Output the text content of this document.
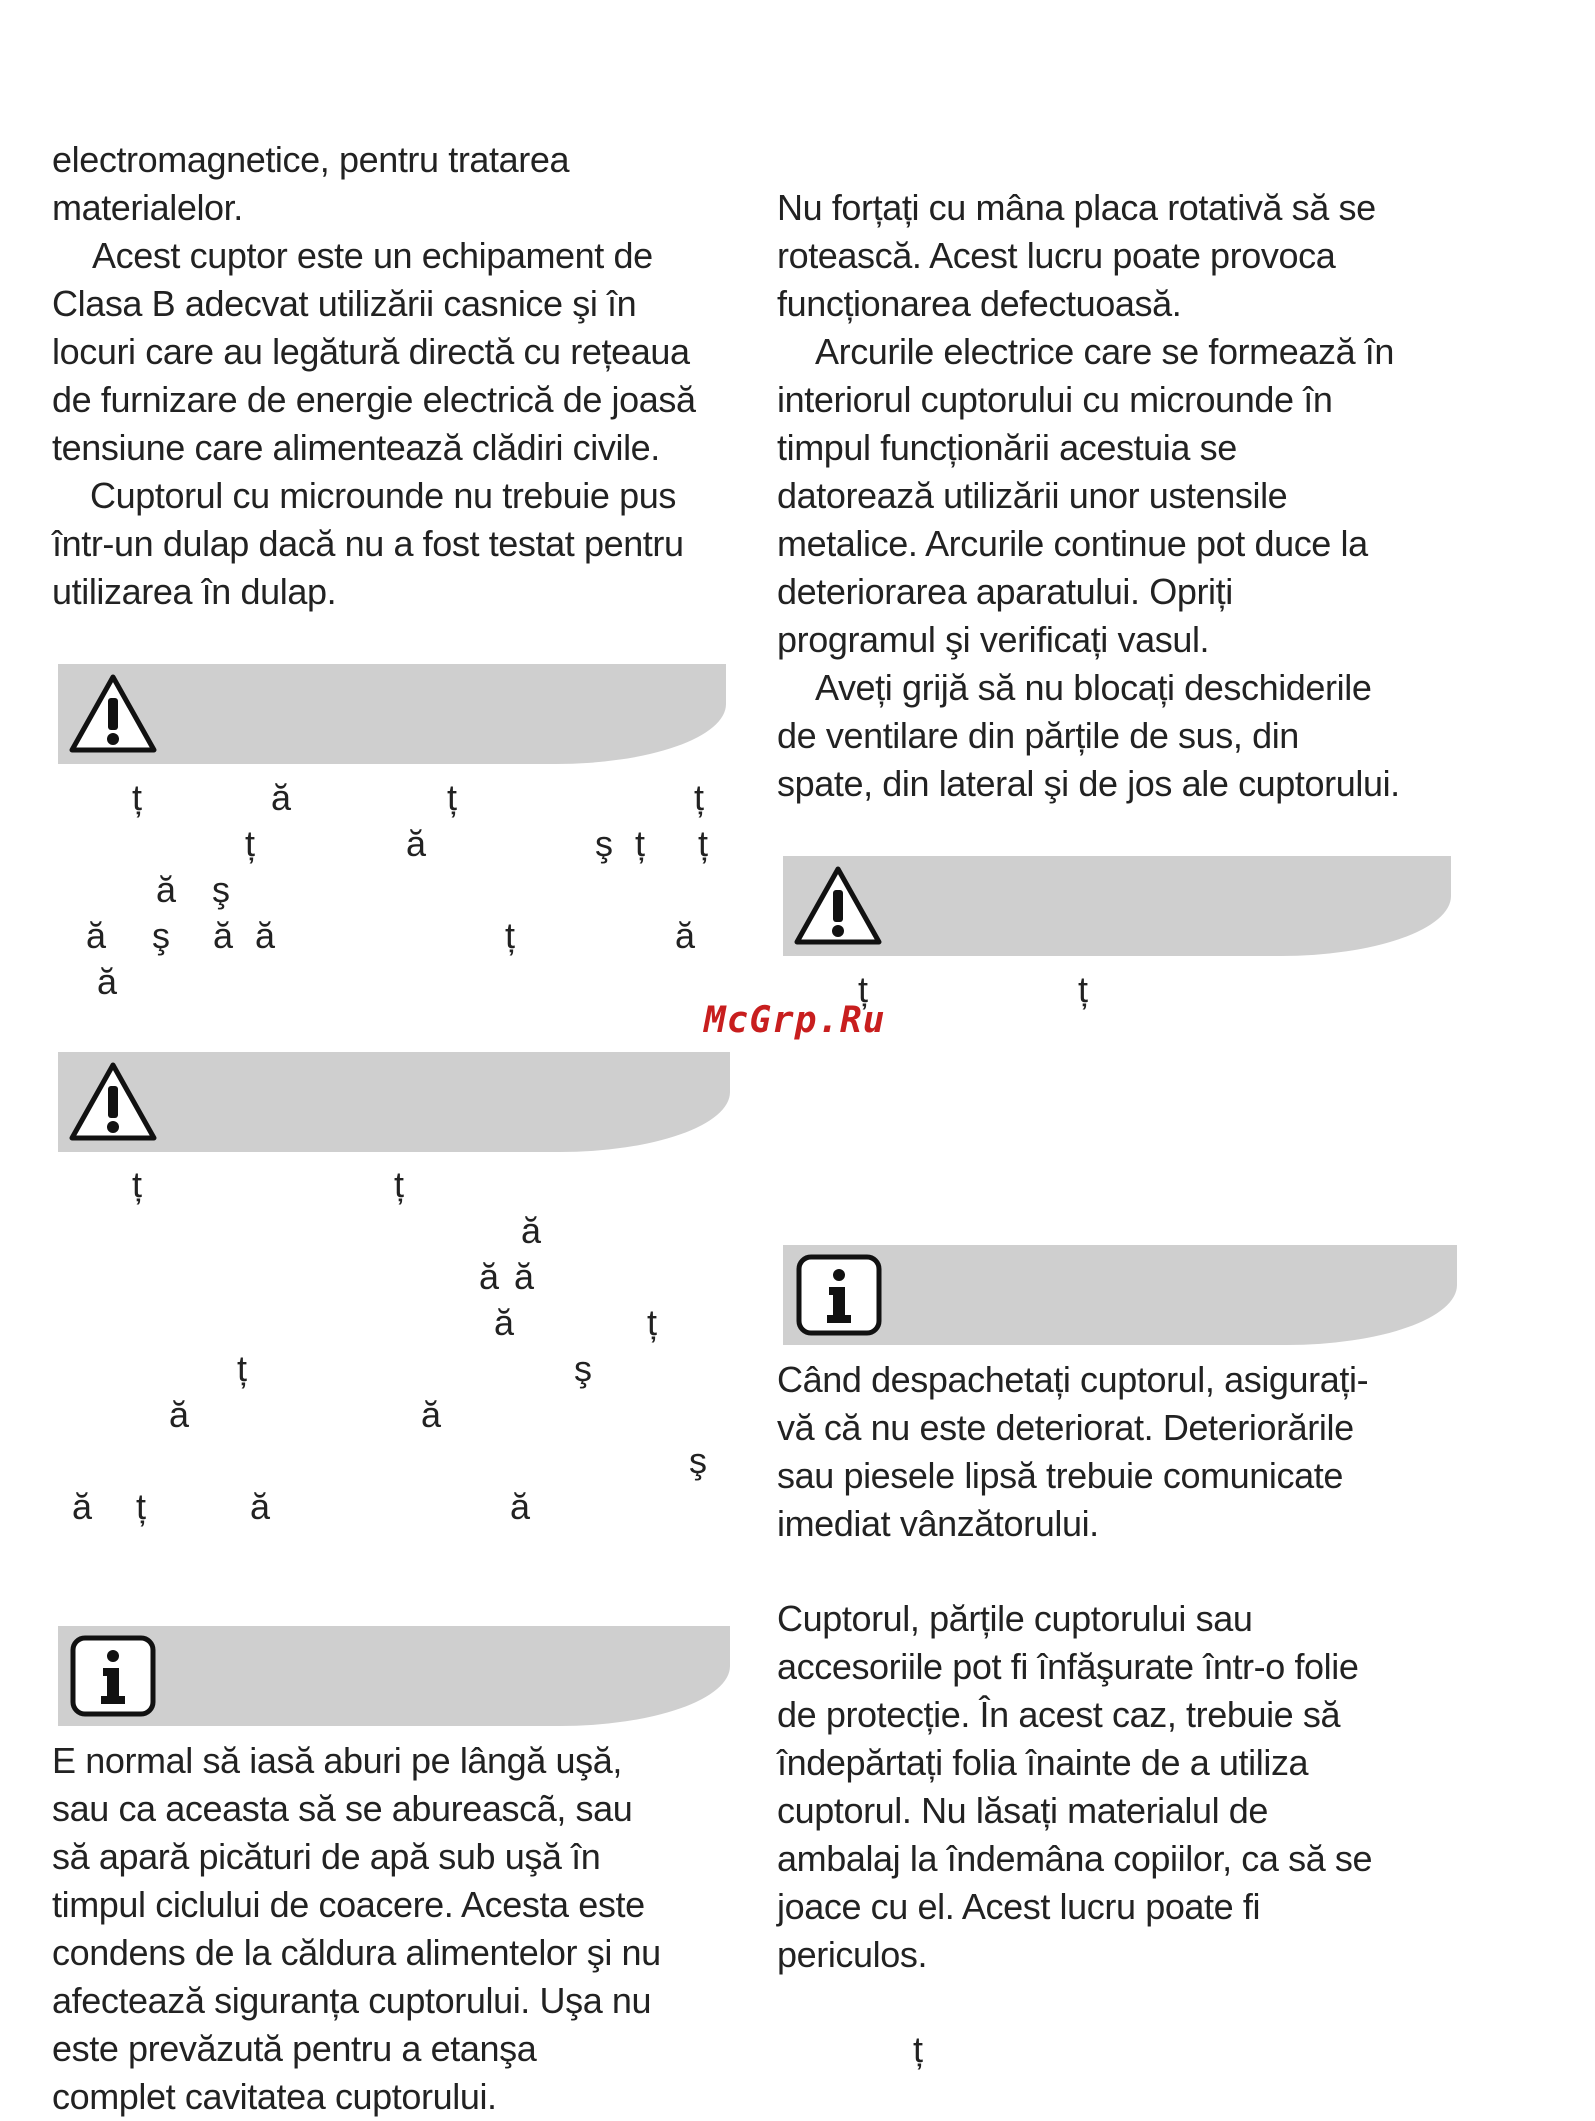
electromagnetice, pentru tratarea
materialelor.

Acest cuptor este un echipament de
Clasa B adecvat utilizării casnice şi în
locuri care au legătură directă cu rețeaua
de furnizare de energie electrică de joasă
tensiune care alimentează clădiri civile.

Cuptorul cu microunde nu trebuie pus
într-un dulap dacă nu a fost testat pentru
utilizarea în dulap.

ț	ă	ț	ț
ț	ă	ş ț ț
ă ş
ă ş ă ă	ț	ă
ă
ț	ț
ă
ă ă
ă	ț
ț	ş
ă	ă
ş
ă ț	ă	ă

E normal să iasă aburi pe lângă uşă,
sau ca aceasta să se abureascã, sau
să apară picături de apă sub uşă în
timpul ciclului de coacere. Acesta este
condens de la căldura alimentelor şi nu
afectează siguranța cuptorului. Uşa nu
este prevăzută pentru a etanşa
complet cavitatea cuptorului.

Nu forțați cu mâna placa rotativă să se
rotească. Acest lucru poate provoca
funcționarea defectuoasă.

Arcurile electrice care se formează în
interiorul cuptorului cu microunde în
timpul funcționării acestuia se
datorează utilizării unor ustensile
metalice. Arcurile continue pot duce la
deteriorarea aparatului. Opriți
programul şi verificați vasul.

Aveți grijă să nu blocați deschiderile
de ventilare din părțile de sus, din
spate, din lateral şi de jos ale cuptorului.

ț	ț
McGrp.Ru

Când despachetați cuptorul, asigurați-
vă că nu este deteriorat. Deteriorările
sau piesele lipsă trebuie comunicate
imediat vânzătorului.

Cuptorul, părțile cuptorului sau
accesoriile pot fi înfăşurate într-o folie
de protecție. În acest caz, trebuie să
îndepărtați folia înainte de a utiliza
cuptorul. Nu lăsați materialul de
ambalaj la îndemâna copiilor, ca să se
joace cu el. Acest lucru poate fi
periculos.

ț
